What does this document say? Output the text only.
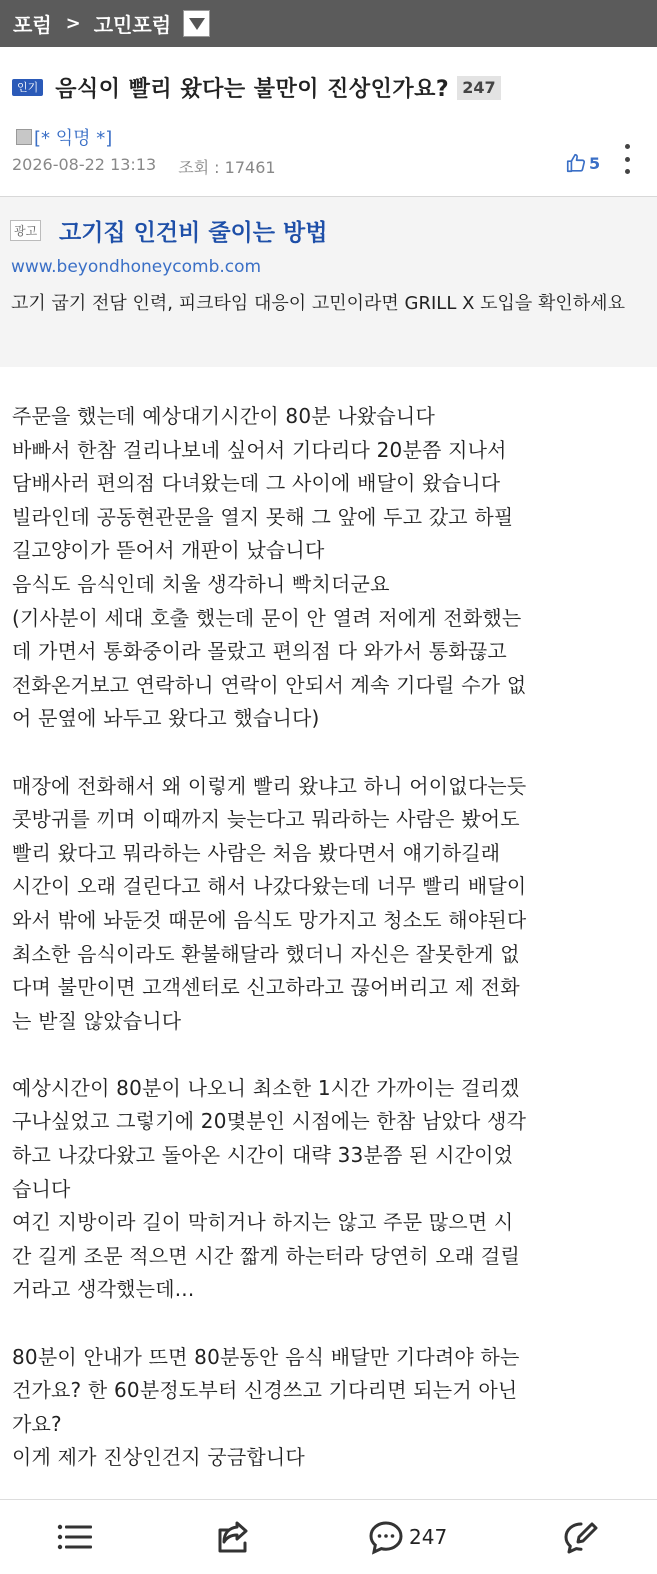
포럼 > 고민포럼
인기 음식이 빨리 왔다는 불만이 진상인가요? 247
[* 익명 *]
2026-08-22 13:13 조회 : 17461	5
광고 고기집 인건비 줄이는 방법
www.beyondhoneycomb.com
고기 굽기 전담 인력, 피크타임 대응이 고민이라면 GRILL X 도입을 확인하세요
주문을 했는데 예상대기시간이 80분 나왔습니다
바빠서 한참 걸리나보네 싶어서 기다리다 20분쯤 지나서
담배사러 편의점 다녀왔는데 그 사이에 배달이 왔습니다
빌라인데 공동현관문을 열지 못해 그 앞에 두고 갔고 하필
길고양이가 뜯어서 개판이 났습니다
음식도 음식인데 치울 생각하니 빡치더군요
(기사분이 세대 호출 했는데 문이 안 열려 저에게 전화했는
데 가면서 통화중이라 몰랐고 편의점 다 와가서 통화끊고
전화온거보고 연락하니 연락이 안되서 계속 기다릴 수가 없
어 문옆에 놔두고 왔다고 했습니다)

매장에 전화해서 왜 이렇게 빨리 왔냐고 하니 어이없다는듯
콧방귀를 끼며 이때까지 늦는다고 뭐라하는 사람은 봤어도
빨리 왔다고 뭐라하는 사람은 처음 봤다면서 얘기하길래
시간이 오래 걸린다고 해서 나갔다왔는데 너무 빨리 배달이
와서 밖에 놔둔것 때문에 음식도 망가지고 청소도 해야된다
최소한 음식이라도 환불해달라 했더니 자신은 잘못한게 없
다며 불만이면 고객센터로 신고하라고 끊어버리고 제 전화
는 받질 않았습니다

예상시간이 80분이 나오니 최소한 1시간 가까이는 걸리겠
구나싶었고 그렇기에 20몇분인 시점에는 한참 남았다 생각
하고 나갔다왔고 돌아온 시간이 대략 33분쯤 된 시간이었
습니다
여긴 지방이라 길이 막히거나 하지는 않고 주문 많으면 시
간 길게 조문 적으면 시간 짧게 하는터라 당연히 오래 걸릴
거라고 생각했는데...

80분이 안내가 뜨면 80분동안 음식 배달만 기다려야 하는
건가요? 한 60분정도부터 신경쓰고 기다리면 되는거 아닌
가요?
이게 제가 진상인건지 궁금합니다
247
